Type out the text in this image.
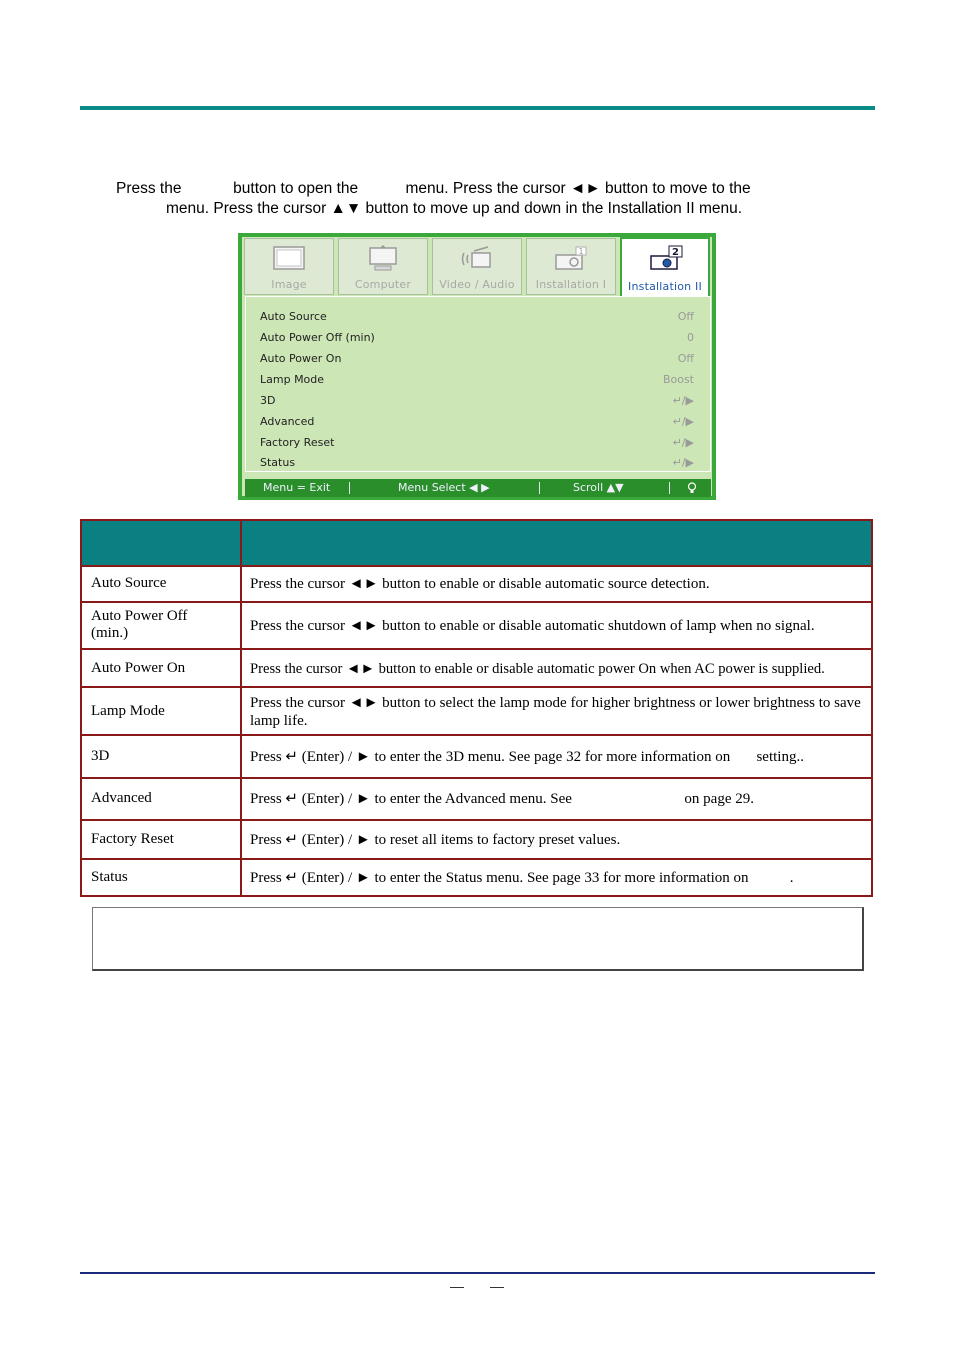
Press the            button to open the           menu. Press the cursor ◄► button to move to the
menu. Press the cursor ▲▼ button to move up and down in the Installation II menu.
Image	Computer	Video / Audio
1
Installation I
2
Installation II
Auto Source	Off
Auto Power Off (min)	0
Auto Power On	Off
Lamp Mode	Boost
3D	↵/▶
Advanced	↵/▶
Factory Reset	↵/▶
Status	↵/▶
Menu = Exit	Menu Select ◀ ▶	Scroll ▲▼
Auto Source	Press the cursor ◄► button to enable or disable automatic source detection.
Auto Power Off (min.)	Press the cursor ◄► button to enable or disable automatic shutdown of lamp when no signal.
Auto Power On	Press the cursor ◄► button to enable or disable automatic power On when AC power is supplied.
Lamp Mode	Press the cursor ◄► button to select the lamp mode for higher brightness or lower brightness to save lamp life.
3D	Press ↵ (Enter) / ► to enter the 3D menu. See page 32 for more information on       setting..
Advanced	Press ↵ (Enter) / ► to enter the Advanced menu. See                              on page 29.
Factory Reset	Press ↵ (Enter) / ► to reset all items to factory preset values.
Status	Press ↵ (Enter) / ► to enter the Status menu. See page 33 for more information on           .
